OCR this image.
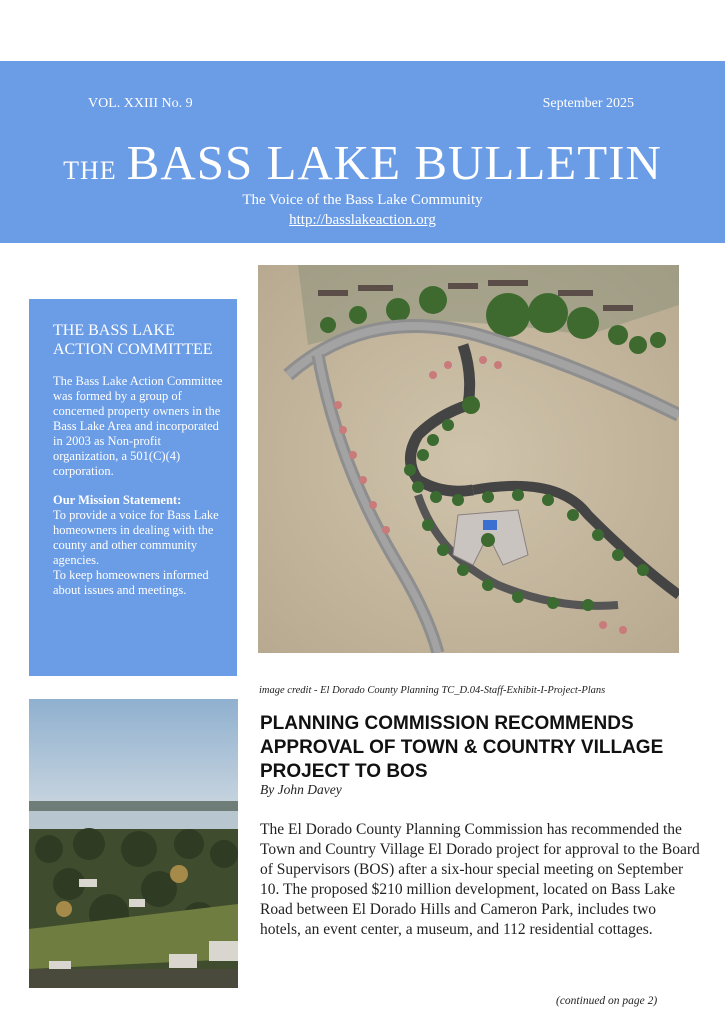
VOL. XXIII No. 9	September 2025
THE BASS LAKE BULLETIN
The Voice of the Bass Lake Community
http://basslakeaction.org
THE BASS LAKE ACTION COMMITTEE
The Bass Lake Action Committee was formed by a group of concerned property owners in the Bass Lake Area and incorporated in 2003 as Non-profit organization, a 501(C)(4) corporation.
Our Mission Statement:
To provide a voice for Bass Lake homeowners in dealing with the county and other community agencies.
To keep homeowners informed about issues and meetings.
image credit - El Dorado County Planning TC_D.04-Staff-Exhibit-I-Project-Plans
PLANNING COMMISSION RECOMMENDS APPROVAL OF TOWN & COUNTRY VILLAGE PROJECT TO BOS
By John Davey

The El Dorado County Planning Commission has recommended the Town and Country Village El Dorado project for approval to the Board of Supervisors (BOS) after a six-hour special meeting on September 10. The proposed $210 million development, located on Bass Lake Road between El Dorado Hills and Cameron Park, includes two hotels, an event center, a museum, and 112 residential cottages.

(continued on page 2)
